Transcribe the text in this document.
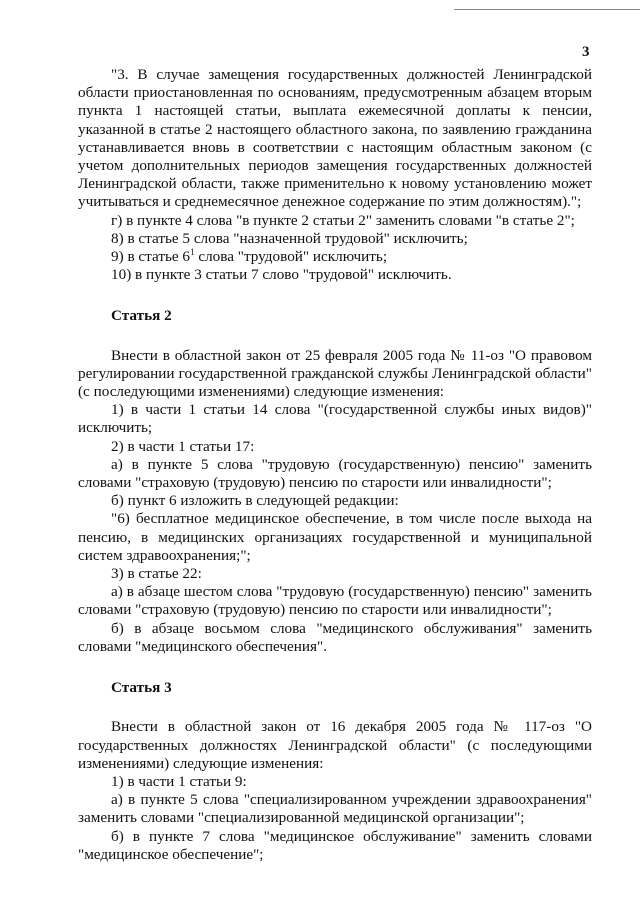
3

"3. В случае замещения государственных должностей Ленинградской области приостановленная по основаниям, предусмотренным абзацем вторым пункта 1 настоящей статьи, выплата ежемесячной доплаты к пенсии, указанной в статье 2 настоящего областного закона, по заявлению гражданина устанавливается вновь в соответствии с настоящим областным законом (с учетом дополнительных периодов замещения государственных должностей Ленинградской области, также применительно к новому установлению может учитываться и среднемесячное денежное содержание по этим должностям).";

г) в пункте 4 слова "в пункте 2 статьи 2" заменить словами "в статье 2";

8) в статье 5 слова "назначенной трудовой" исключить;

9) в статье $6^1$ слова "трудовой" исключить;

10) в пункте 3 статьи 7 слово "трудовой" исключить.

Статья 2

Внести в областной закон от 25 февраля 2005 года № 11-оз "О правовом регулировании государственной гражданской службы Ленинградской области" (с последующими изменениями) следующие изменения:

1) в части 1 статьи 14 слова "(государственной службы иных видов)" исключить;

2) в части 1 статьи 17:

а) в пункте 5 слова "трудовую (государственную) пенсию" заменить словами "страховую (трудовую) пенсию по старости или инвалидности";

б) пункт 6 изложить в следующей редакции:

"6) бесплатное медицинское обеспечение, в том числе после выхода на пенсию, в медицинских организациях государственной и муниципальной систем здравоохранения;";

3) в статье 22:

а) в абзаце шестом слова "трудовую (государственную) пенсию" заменить словами "страховую (трудовую) пенсию по старости или инвалидности";

б) в абзаце восьмом слова "медицинского обслуживания" заменить словами "медицинского обеспечения".

Статья 3

Внести в областной закон от 16 декабря 2005 года № 117-оз "О государственных должностях Ленинградской области" (с последующими изменениями) следующие изменения:

1) в части 1 статьи 9:

а) в пункте 5 слова "специализированном учреждении здравоохранения" заменить словами "специализированной медицинской организации";

б) в пункте 7 слова "медицинское обслуживание" заменить словами "медицинское обеспечение";
